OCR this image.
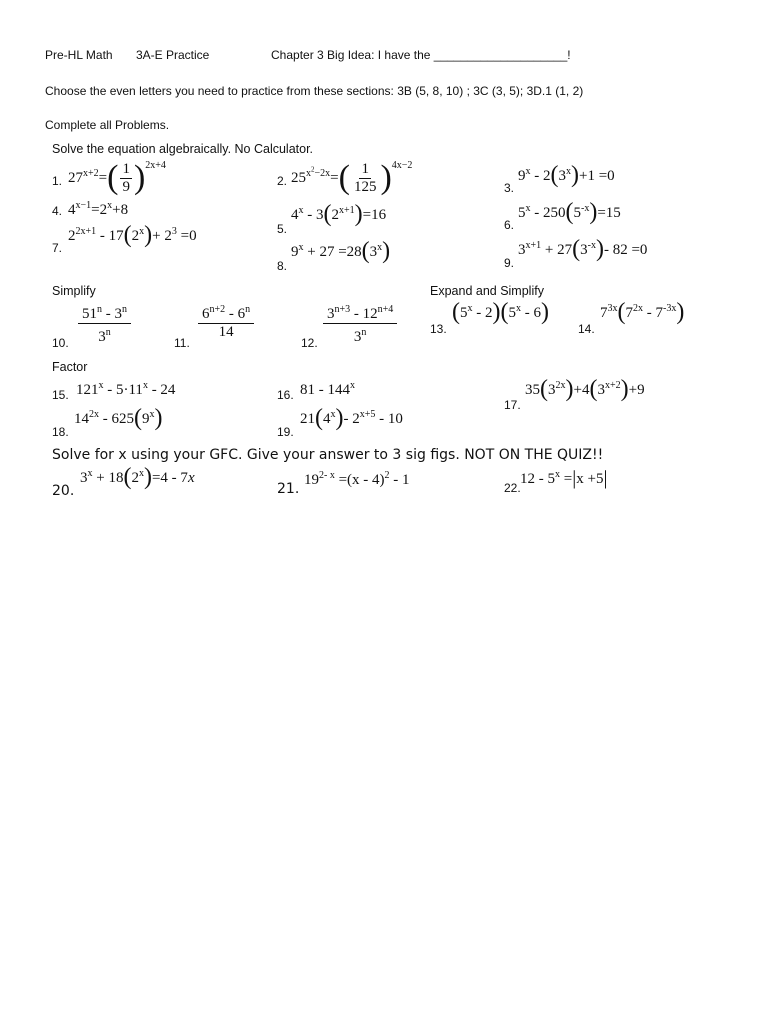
Pre-HL Math 3A-E Practice	Chapter 3 Big Idea: I have the ____________________!
Choose the even letters you need to practice from these sections: 3B (5, 8, 10) ; 3C (3, 5); 3D.1 (1, 2)
Complete all Problems.
Solve the equation algebraically. No Calculator.
1. $27^{x+2}=( \frac{1}{9} )^{2x+4}$
2. $25^{x^2-2x}=( \frac{1}{125} )^{4x-2}$
3.
$9^x - 2(3^x)+1 =0$
4. $4^{x-1}=2^x+8$
5.
$4^x - 3(2^{x+1})=16$
6.
$5^x - 250(5^{-x})=15$
7.
$2^{2x+1} - 17(2^x)+ 2^3 =0$
8.
$9^x + 27 =28(3^x)$	9.
$3^{x+1} + 27(3^{-x})-$ 82 =0
Simplify	Expand and Simplify
10. $\frac{51^n - 3^n}{3^n}$	11.
$\frac{6^{n+2} - 6^n}{14}$
12. $\frac{3^{n+3} - 12^{n+4}}{3^n}$	13.
(5$^x$ - 2)(5$^x$ - 6)
14.
$7^{3x}(7^{2x} - 7^{-3x})$
Factor
15. $121^x - 5\cdot 11^x - 24$	16. 81 - 144$^x$
17.
$35(3^{2x})+4(3^{x+2})+9$
18.
$14^{2x} - 625(9^x)$
19.
21(4$^x$)- $2^{x+5} - 10$
Solve for x using your GFC. Give your answer to 3 sig figs. NOT ON THE QUIZ!!
20.
$3^x + 18(2^x)=4 - 7x$
21.
$19^{2- x} =(x - 4)^2 - 1$	22.
$12 - 5^x =|x +5|$
